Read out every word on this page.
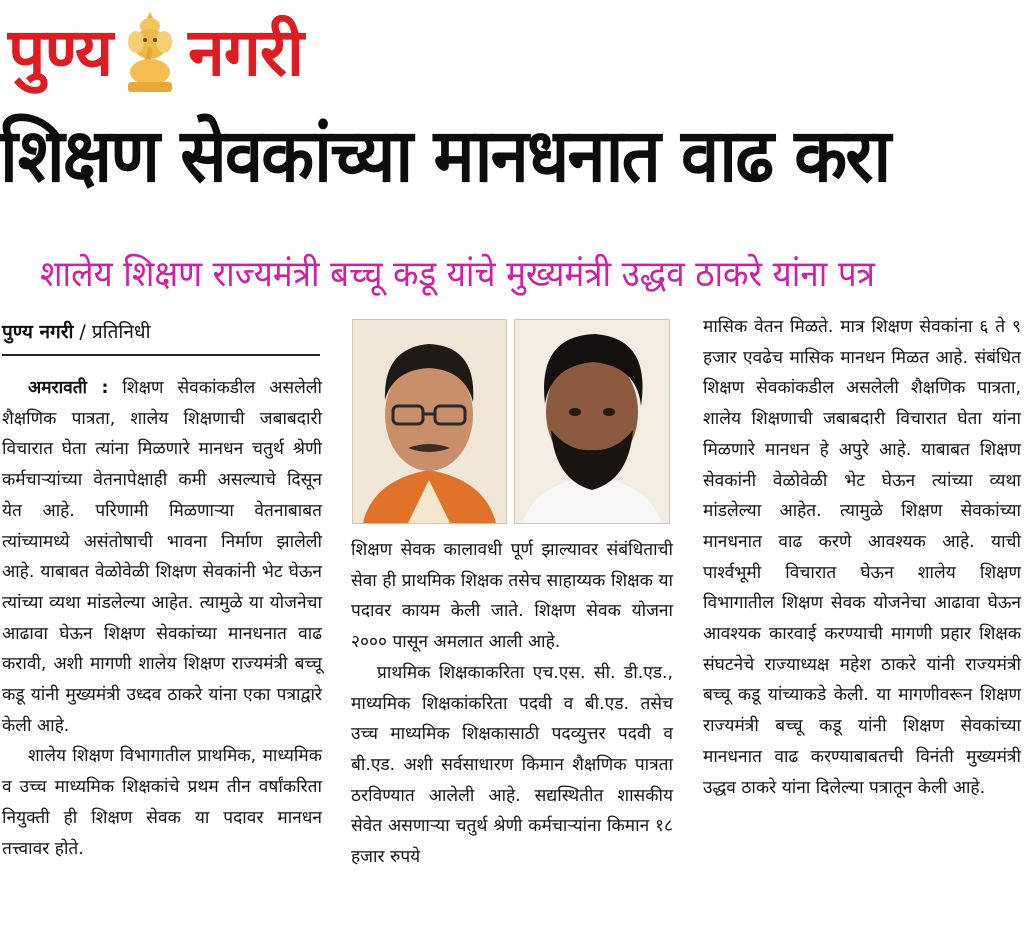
पुण्य नगरी
शिक्षण सेवकांच्या मानधनात वाढ करा
शालेय शिक्षण राज्यमंत्री बच्चू कडू यांचे मुख्यमंत्री उद्धव ठाकरे यांना पत्र
पुण्य नगरी / प्रतिनिधी

अमरावती : शिक्षण सेवकांकडील असलेली शैक्षणिक पात्रता, शालेय शिक्षणाची जबाबदारी विचारात घेता त्यांना मिळणारे मानधन चतुर्थ श्रेणी कर्मचाऱ्यांच्या वेतनापेक्षाही कमी असल्याचे दिसून येत आहे. परिणामी मिळणाऱ्या वेतनाबाबत त्यांच्यामध्ये असंतोषाची भावना निर्माण झालेली आहे. याबाबत वेळोवेळी शिक्षण सेवकांनी भेट घेऊन त्यांच्या व्यथा मांडलेल्या आहेत. त्यामुळे या योजनेचा आढावा घेऊन शिक्षण सेवकांच्या मानधनात वाढ करावी, अशी मागणी शालेय शिक्षण राज्यमंत्री बच्चू कडू यांनी मुख्यमंत्री उध्दव ठाकरे यांना एका पत्राद्वारे केली आहे.

शालेय शिक्षण विभागातील प्राथमिक, माध्यमिक व उच्च माध्यमिक शिक्षकांचे प्रथम तीन वर्षांकरिता नियुक्ती ही शिक्षण सेवक या पदावर मानधन तत्त्वावर होते.

शिक्षण सेवक कालावधी पूर्ण झाल्यावर संबंधिताची सेवा ही प्राथमिक शिक्षक तसेच साहाय्यक शिक्षक या पदावर कायम केली जाते. शिक्षण सेवक योजना २००० पासून अमलात आली आहे.

प्राथमिक शिक्षकाकरिता एच.एस. सी. डी.एड., माध्यमिक शिक्षकांकरिता पदवी व बी.एड. तसेच उच्च माध्यमिक शिक्षकासाठी पदव्युत्तर पदवी व बी.एड. अशी सर्वसाधारण किमान शैक्षणिक पात्रता ठरविण्यात आलेली आहे. सद्यस्थितीत शासकीय सेवेत असणाऱ्या चतुर्थ श्रेणी कर्मचाऱ्यांना किमान १८ हजार रुपये

मासिक वेतन मिळते. मात्र शिक्षण सेवकांना ६ ते ९ हजार एवढेच मासिक मानधन मिळत आहे. संबंधित शिक्षण सेवकांकडील असलेली शैक्षणिक पात्रता, शालेय शिक्षणाची जबाबदारी विचारात घेता यांना मिळणारे मानधन हे अपुरे आहे. याबाबत शिक्षण सेवकांनी वेळोवेळी भेट घेऊन त्यांच्या व्यथा मांडलेल्या आहेत. त्यामुळे शिक्षण सेवकांच्या मानधनात वाढ करणे आवश्यक आहे. याची पार्श्वभूमी विचारात घेऊन शालेय शिक्षण विभागातील शिक्षण सेवक योजनेचा आढावा घेऊन आवश्यक कारवाई करण्याची मागणी प्रहार शिक्षक संघटनेचे राज्याध्यक्ष महेश ठाकरे यांनी राज्यमंत्री बच्चू कडू यांच्याकडे केली. या मागणीवरून शिक्षण राज्यमंत्री बच्चू कडू यांनी शिक्षण सेवकांच्या मानधनात वाढ करण्याबाबतची विनंती मुख्यमंत्री उद्धव ठाकरे यांना दिलेल्या पत्रातून केली आहे.
